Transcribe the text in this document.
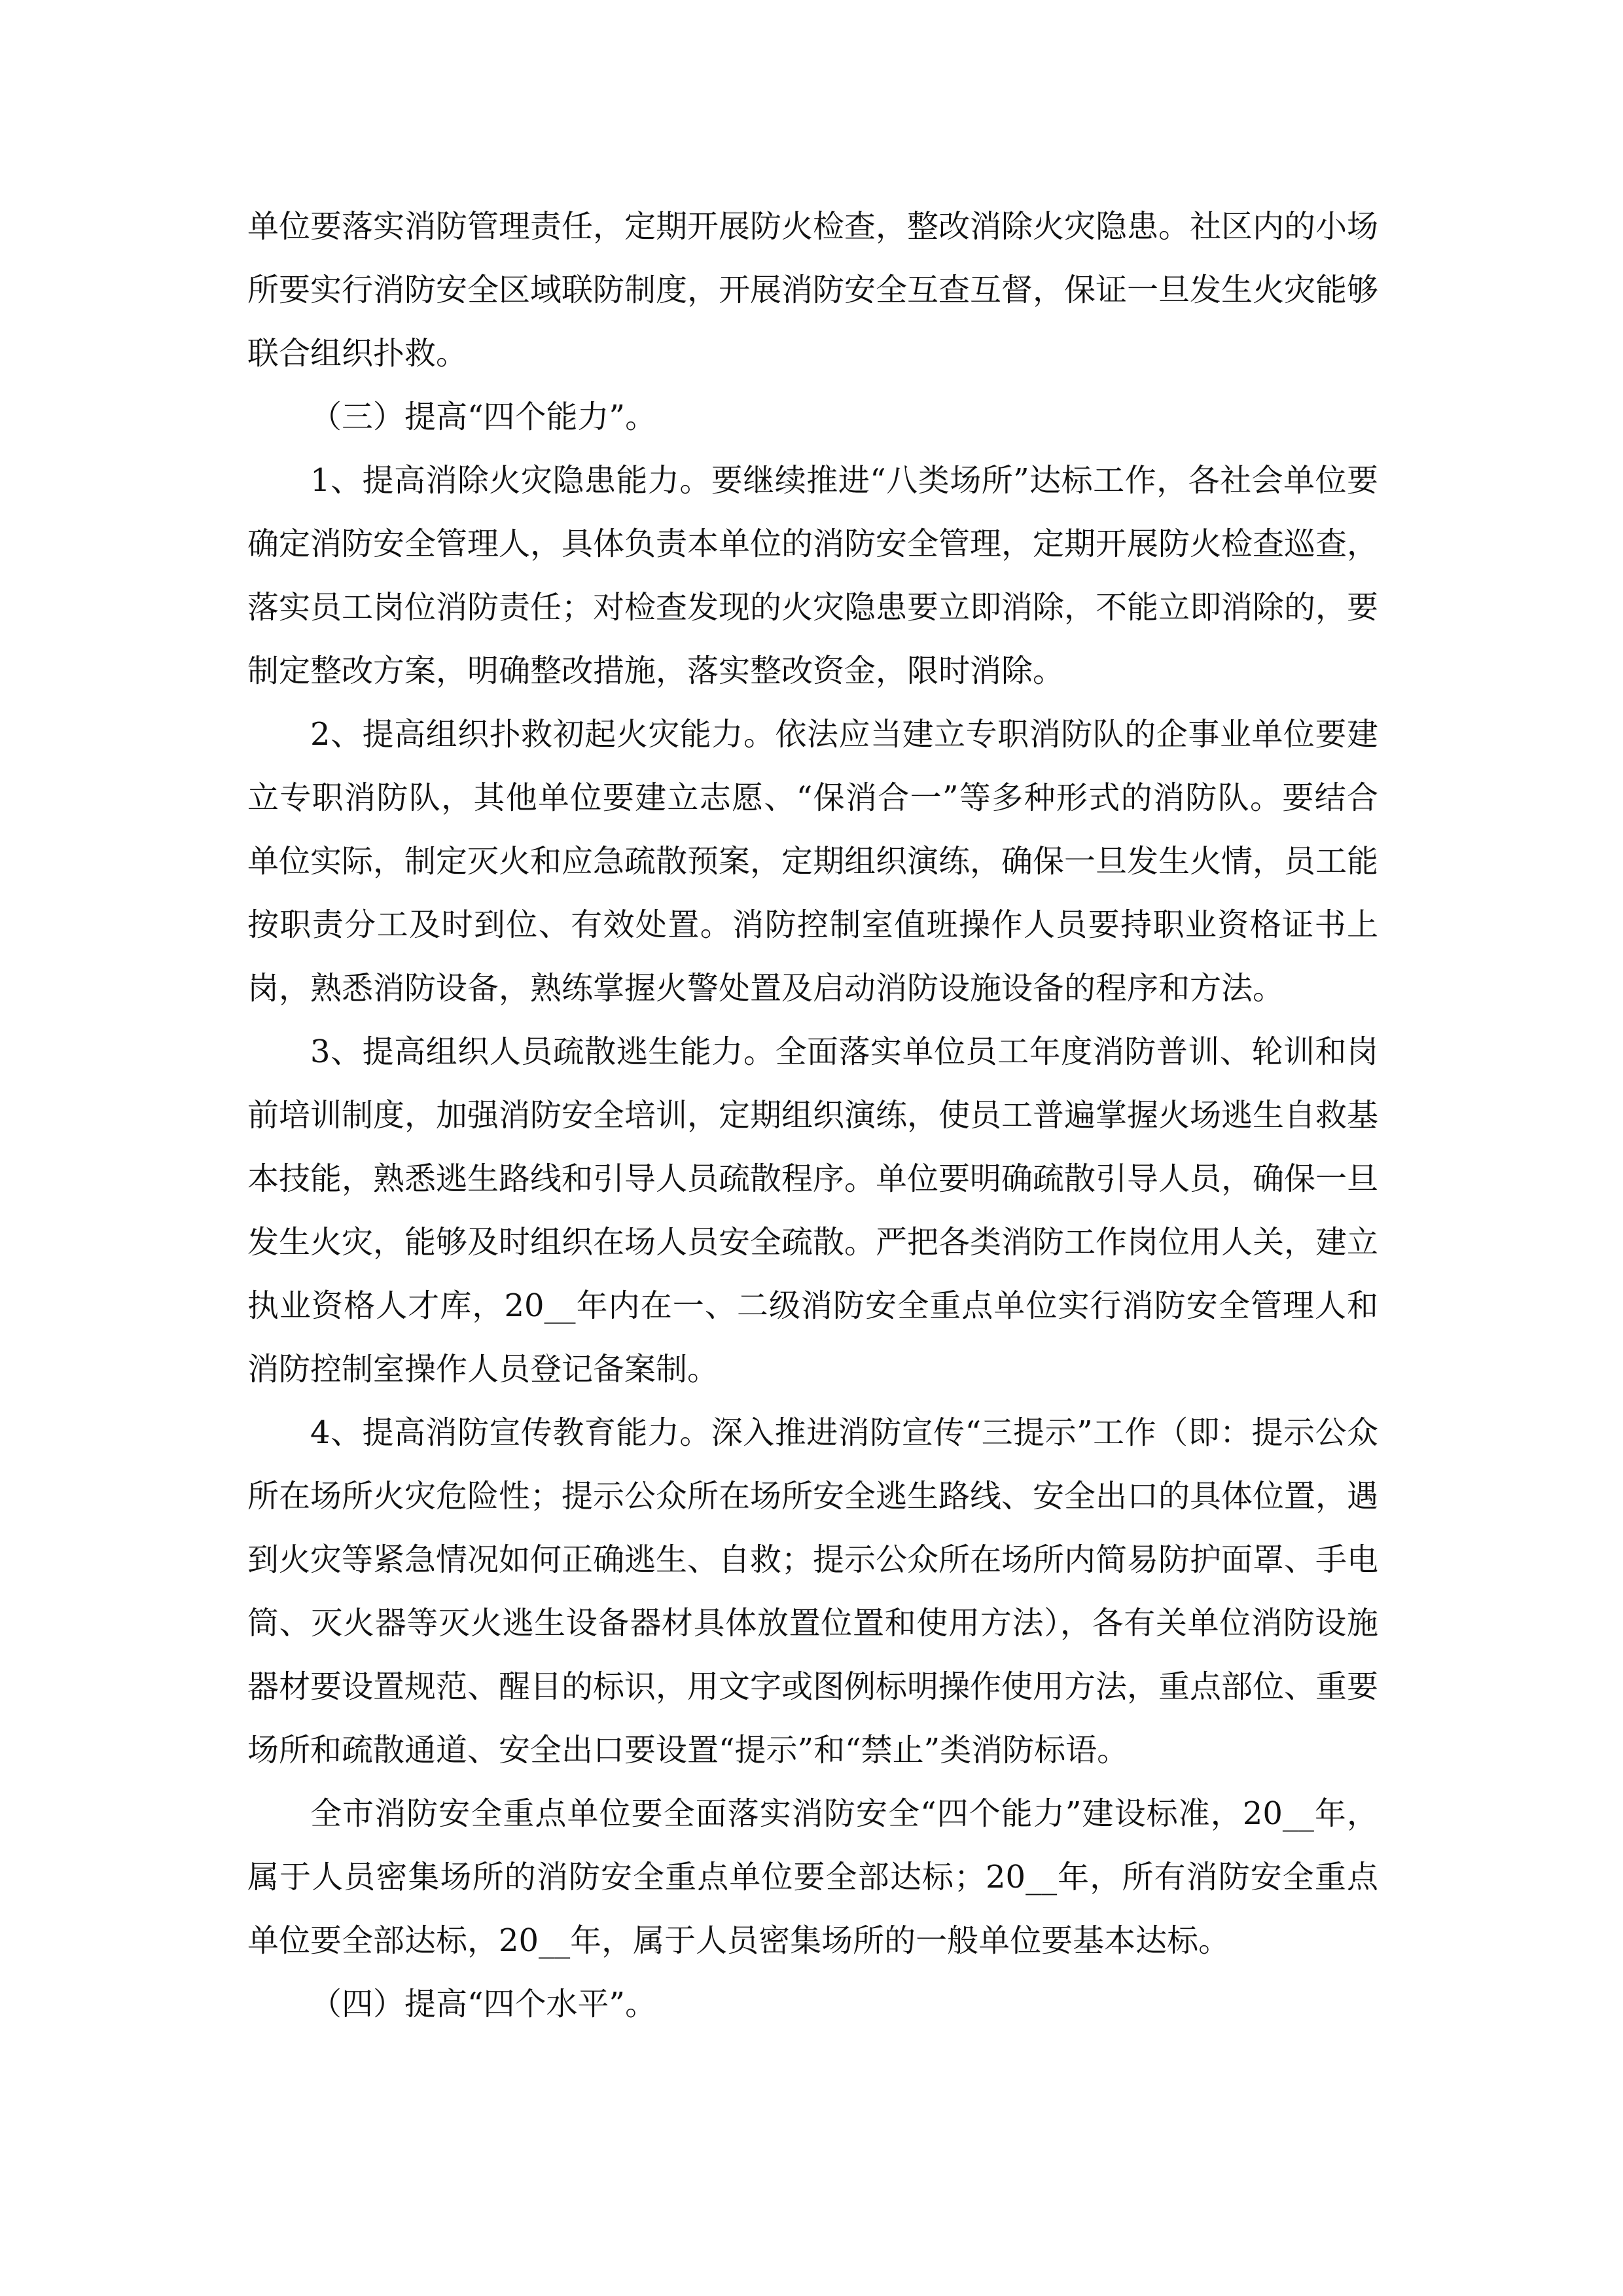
单位要落实消防管理责任，定期开展防火检查，整改消除火灾隐患。社区内的小场所要实行消防安全区域联防制度，开展消防安全互查互督，保证一旦发生火灾能够联合组织扑救。

（三）提高“四个能力”。

1、提高消除火灾隐患能力。要继续推进“八类场所”达标工作，各社会单位要确定消防安全管理人，具体负责本单位的消防安全管理，定期开展防火检查巡查，落实员工岗位消防责任；对检查发现的火灾隐患要立即消除，不能立即消除的，要制定整改方案，明确整改措施，落实整改资金，限时消除。

2、提高组织扑救初起火灾能力。依法应当建立专职消防队的企事业单位要建立专职消防队，其他单位要建立志愿、“保消合一”等多种形式的消防队。要结合单位实际，制定灭火和应急疏散预案，定期组织演练，确保一旦发生火情，员工能按职责分工及时到位、有效处置。消防控制室值班操作人员要持职业资格证书上岗，熟悉消防设备，熟练掌握火警处置及启动消防设施设备的程序和方法。

3、提高组织人员疏散逃生能力。全面落实单位员工年度消防普训、轮训和岗前培训制度，加强消防安全培训，定期组织演练，使员工普遍掌握火场逃生自救基本技能，熟悉逃生路线和引导人员疏散程序。单位要明确疏散引导人员，确保一旦发生火灾，能够及时组织在场人员安全疏散。严把各类消防工作岗位用人关，建立执业资格人才库，20__年内在一、二级消防安全重点单位实行消防安全管理人和消防控制室操作人员登记备案制。

4、提高消防宣传教育能力。深入推进消防宣传“三提示”工作（即：提示公众所在场所火灾危险性；提示公众所在场所安全逃生路线、安全出口的具体位置，遇到火灾等紧急情况如何正确逃生、自救；提示公众所在场所内简易防护面罩、手电筒、灭火器等灭火逃生设备器材具体放置位置和使用方法），各有关单位消防设施器材要设置规范、醒目的标识，用文字或图例标明操作使用方法，重点部位、重要场所和疏散通道、安全出口要设置“提示”和“禁止”类消防标语。

全市消防安全重点单位要全面落实消防安全“四个能力”建设标准，20__年，属于人员密集场所的消防安全重点单位要全部达标；20__年，所有消防安全重点单位要全部达标，20__年，属于人员密集场所的一般单位要基本达标。

（四）提高“四个水平”。
